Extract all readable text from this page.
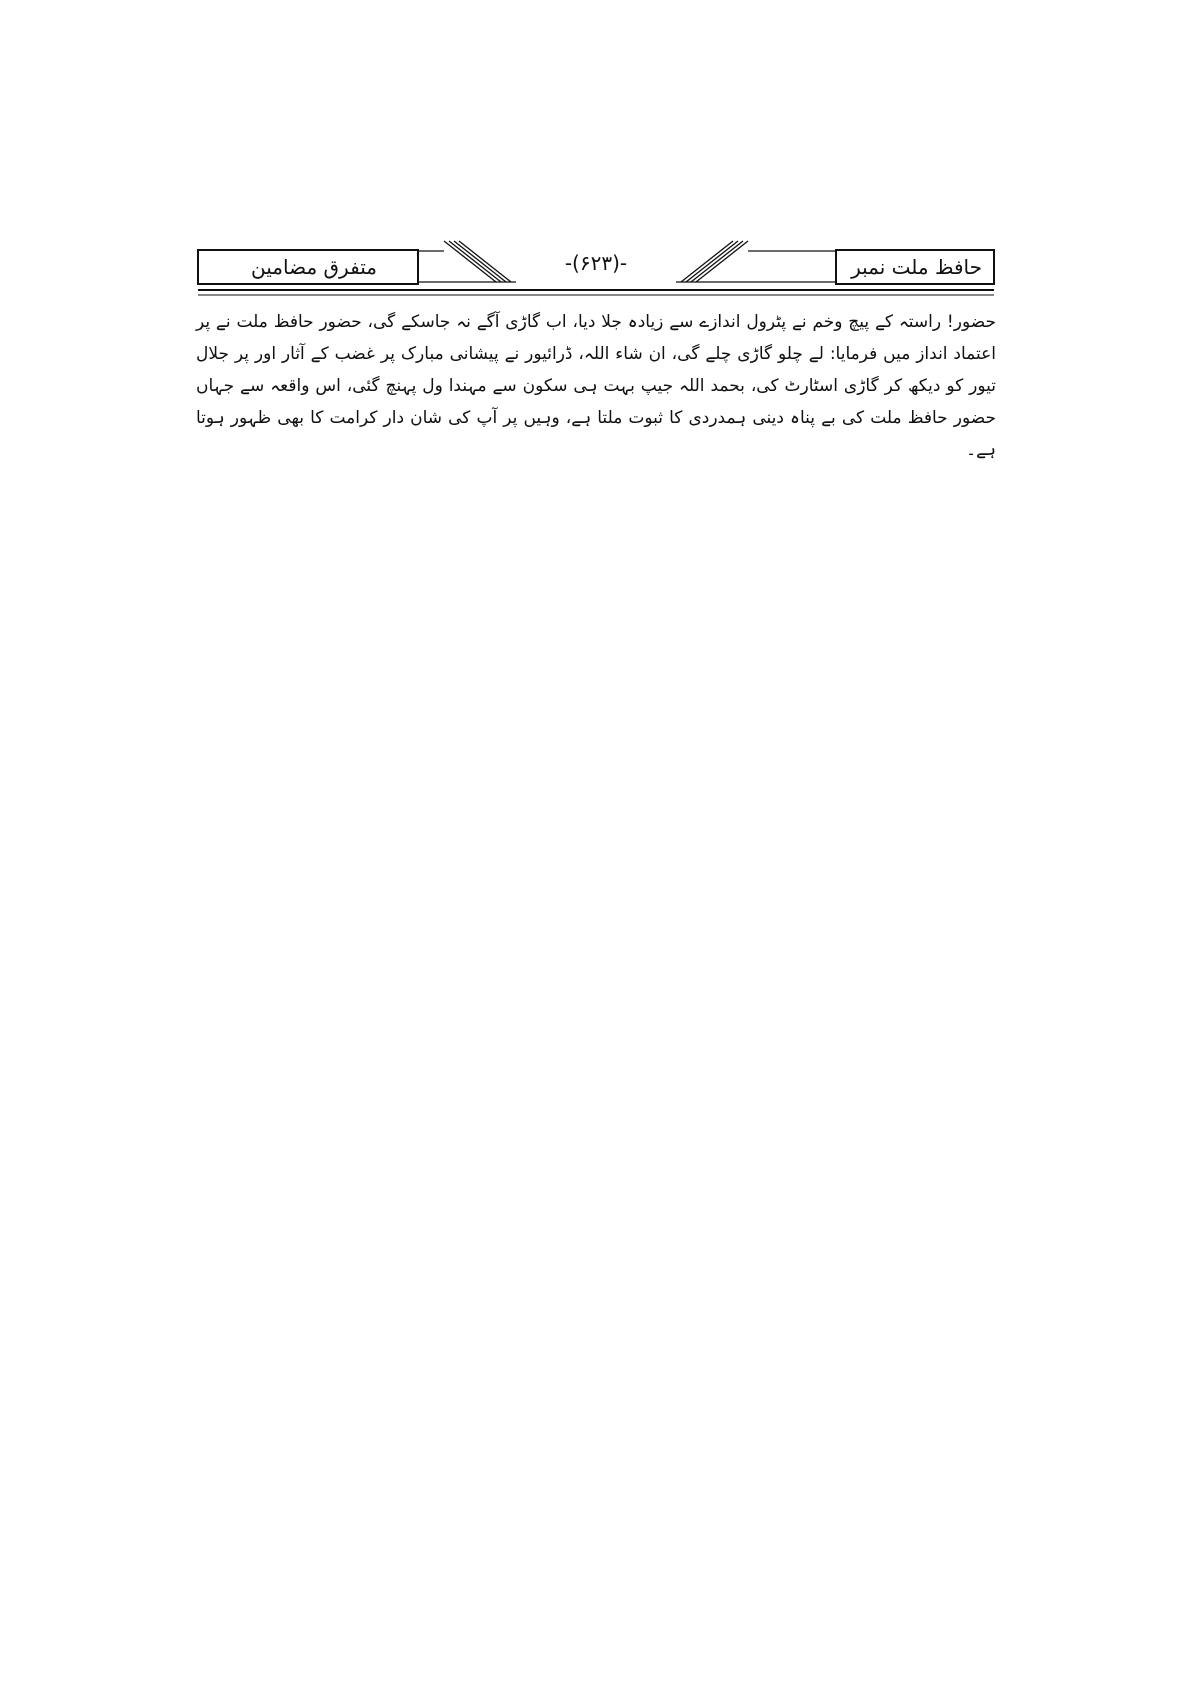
متفرق مضامین	-(۶۲۳)-	حافظ ملت نمبر
حضور! راستہ کے پیچ وخم نے پٹرول اندازے سے زیادہ جلا دیا، اب گاڑی آگے نہ جاسکے گی، حضور حافظ ملت نے پر اعتماد انداز میں فرمایا: لے چلو گاڑی چلے گی، ان شاء اللہ، ڈرائیور نے پیشانی مبارک پر غضب کے آثار اور پر جلال تیور کو دیکھ کر گاڑی اسٹارٹ کی، بحمد اللہ جیپ بہت ہی سکون سے مہندا ول پہنچ گئی، اس واقعہ سے جہاں حضور حافظ ملت کی بے پناہ دینی ہمدردی کا ثبوت ملتا ہے، وہیں پر آپ کی شان دار کرامت کا بھی ظہور ہوتا ہے۔
